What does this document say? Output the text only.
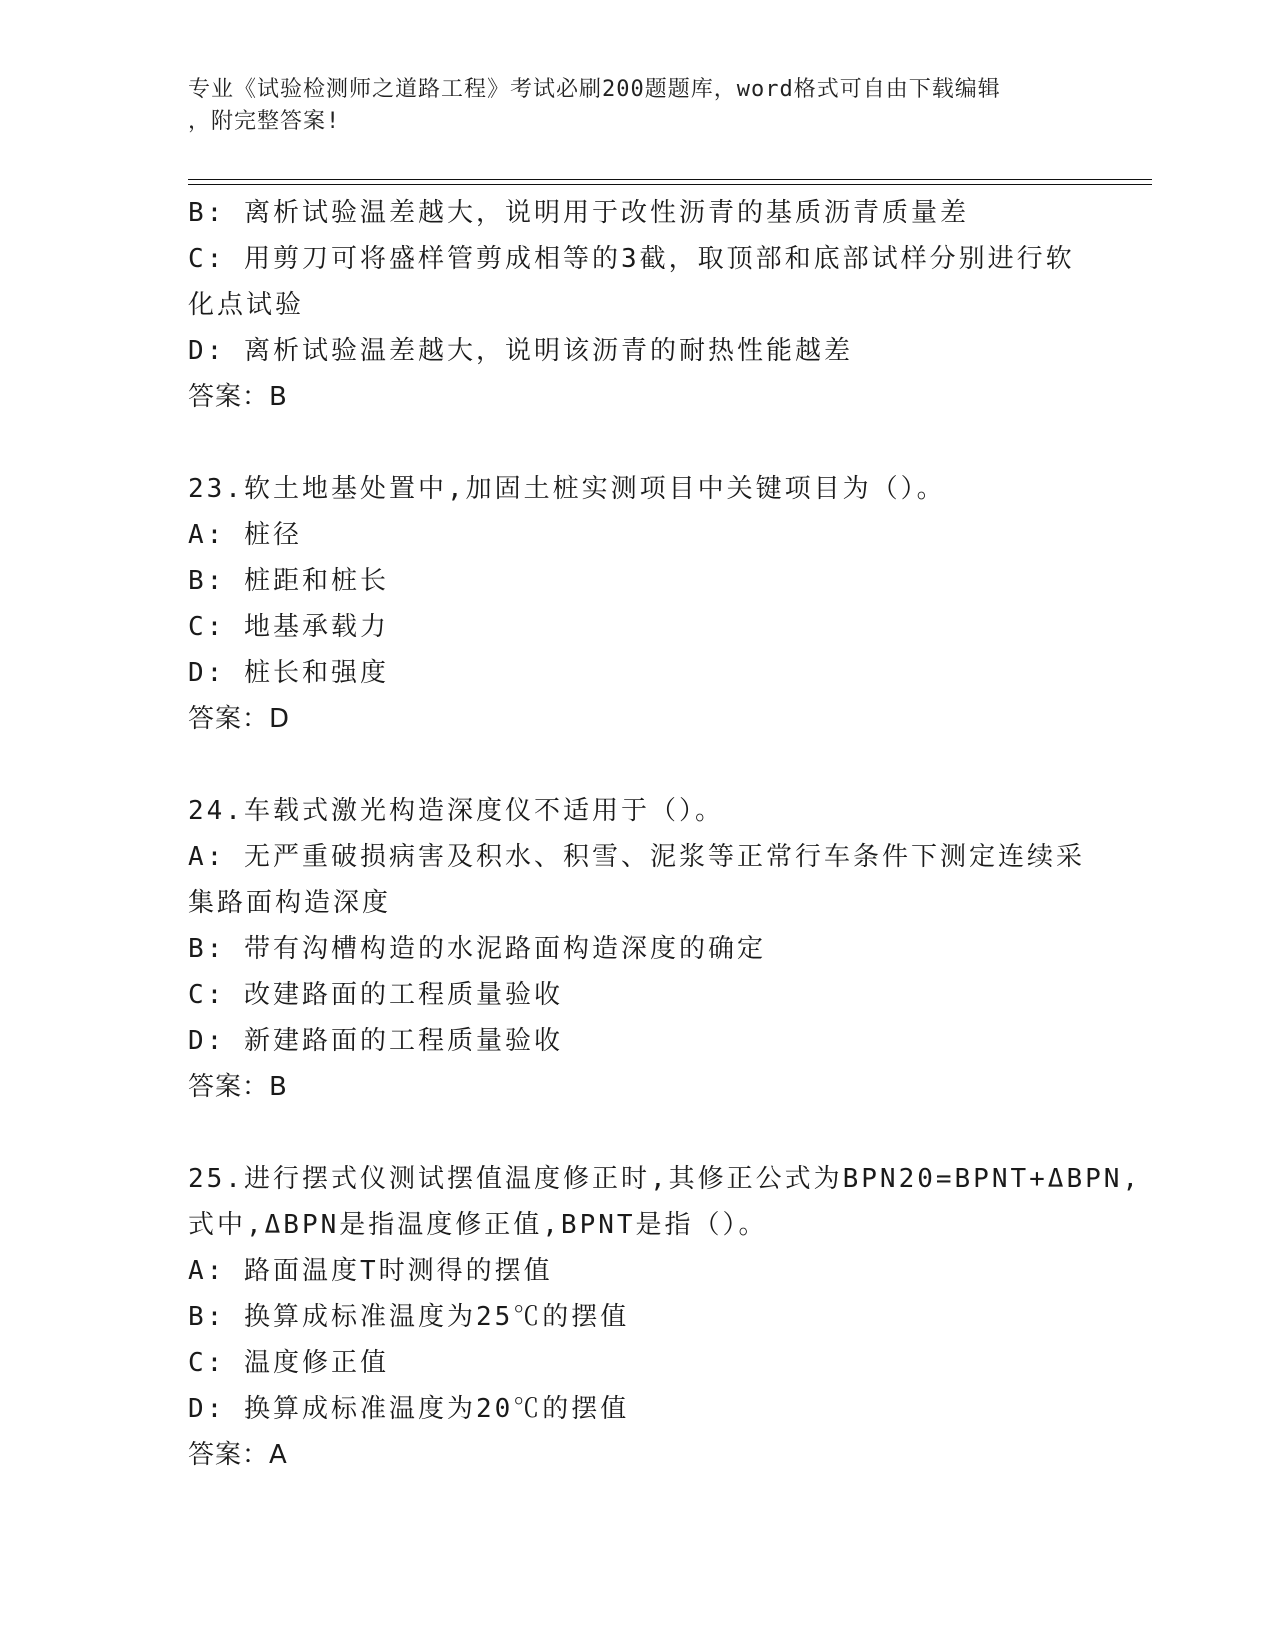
专业《试验检测师之道路工程》考试必刷200题题库，word格式可自由下载编辑
，附完整答案!
B: 离析试验温差越大，说明用于改性沥青的基质沥青质量差
C: 用剪刀可将盛样管剪成相等的3截，取顶部和底部试样分别进行软
化点试验
D: 离析试验温差越大，说明该沥青的耐热性能越差
答案：B
23.软土地基处置中,加固土桩实测项目中关键项目为（）。
A: 桩径
B: 桩距和桩长
C: 地基承载力
D: 桩长和强度
答案：D
24.车载式激光构造深度仪不适用于（）。
A: 无严重破损病害及积水、积雪、泥浆等正常行车条件下测定连续采
集路面构造深度
B: 带有沟槽构造的水泥路面构造深度的确定
C: 改建路面的工程质量验收
D: 新建路面的工程质量验收
答案：B
25.进行摆式仪测试摆值温度修正时,其修正公式为BPN20=BPNT+ΔBPN,
式中,ΔBPN是指温度修正值,BPNT是指（）。
A: 路面温度T时测得的摆值
B: 换算成标准温度为25℃的摆值
C: 温度修正值
D: 换算成标准温度为20℃的摆值
答案：A
